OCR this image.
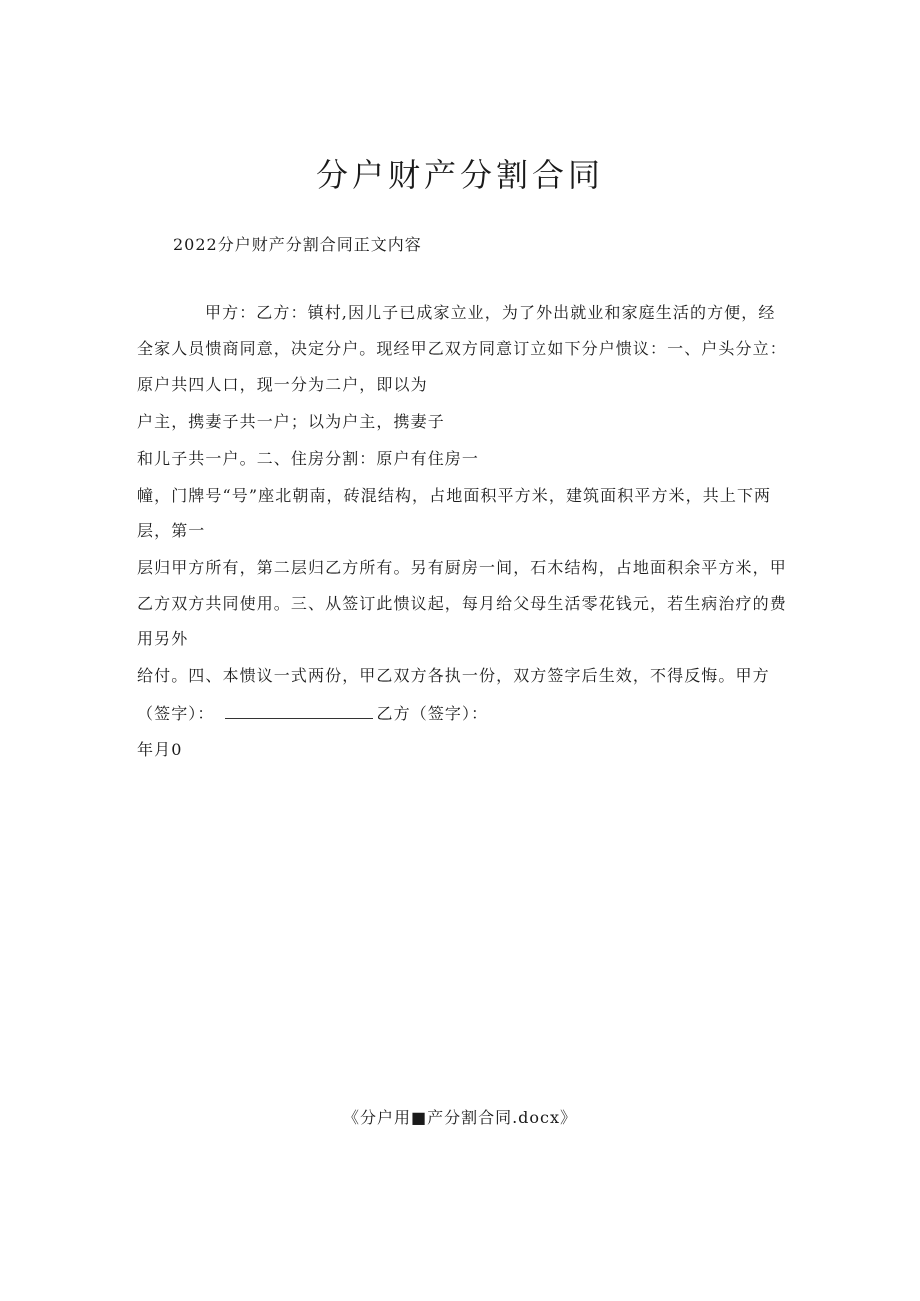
分户财产分割合同

2022分户财产分割合同正文内容

甲方：乙方：镇村,因儿子已成家立业，为了外出就业和家庭生活的方便，经

全家人员愦商同意，决定分户。现经甲乙双方同意订立如下分户愦议：一、户头分立：

原户共四人口，现一分为二户，即以为

户主，携妻子共一户；以为户主，携妻子

和儿子共一户。二、住房分割：原户有住房一

幢，门牌号“号”座北朝南，砖混结构，占地面积平方米，建筑面积平方米，共上下两

层，第一

层归甲方所有，第二层归乙方所有。另有厨房一间，石木结构，占地面积余平方米，甲

乙方双方共同使用。三、从签订此愦议起，每月给父母生活零花钱元，若生病治疗的费

用另外

给付。四、本愦议一式两份，甲乙双方各执一份，双方签字后生效，不得反悔。甲方

（签字）：	乙方（签字）：

年月0

《分户用■产分割合同.docx》
